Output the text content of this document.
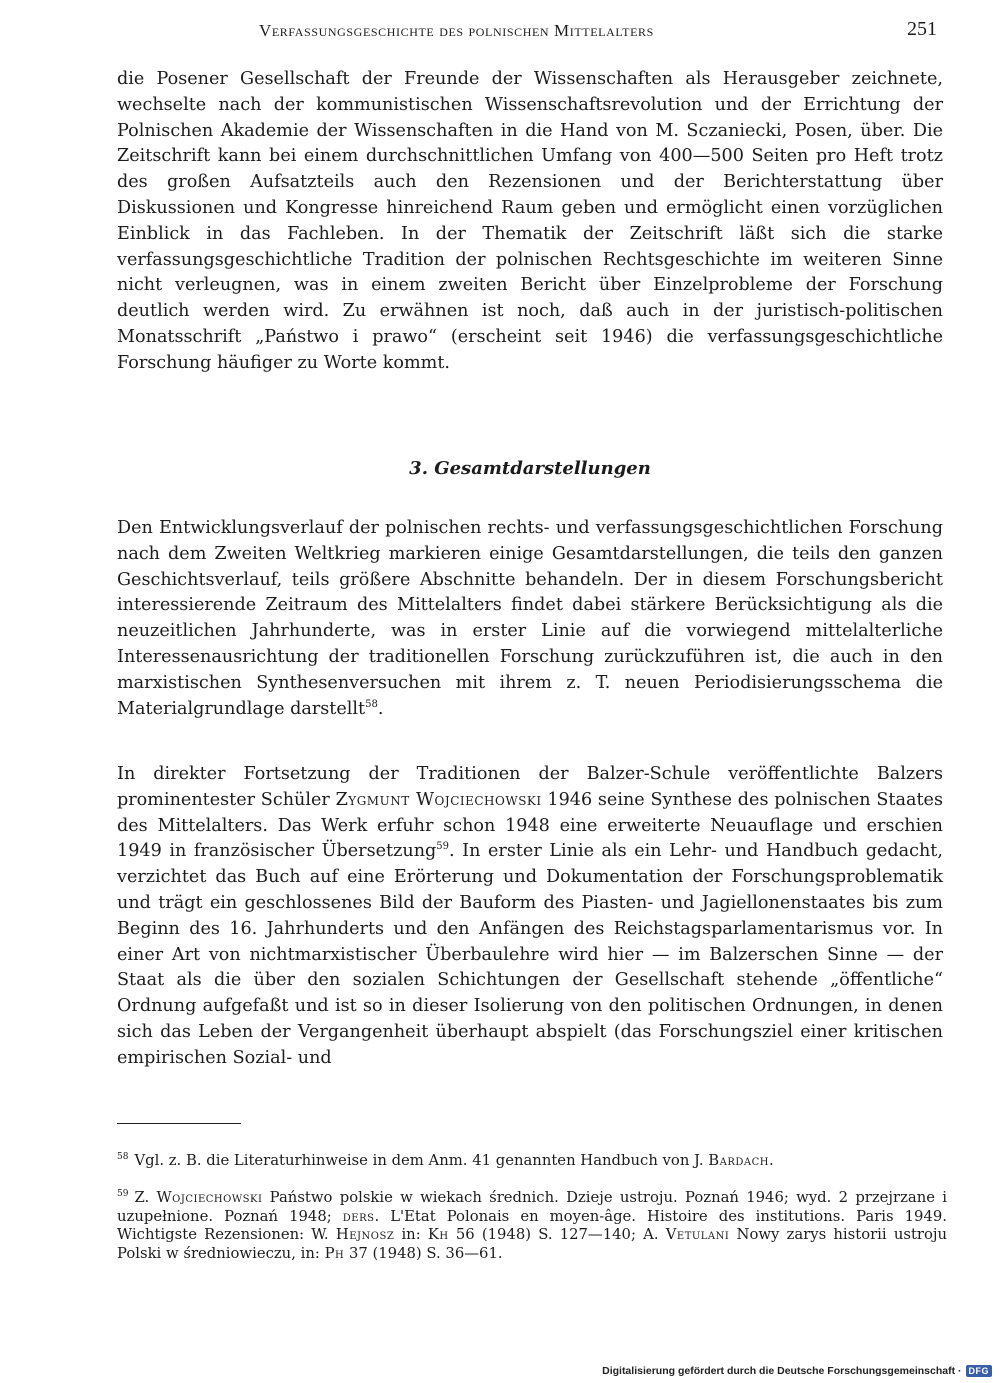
Verfassungsgeschichte des polnischen Mittelalters	251

die Posener Gesellschaft der Freunde der Wissenschaften als Herausgeber zeichnete, wechselte nach der kommunistischen Wissenschaftsrevolution und der Errichtung der Polnischen Akademie der Wissenschaften in die Hand von M. Sczaniecki, Posen, über. Die Zeitschrift kann bei einem durchschnittlichen Umfang von 400—500 Seiten pro Heft trotz des großen Aufsatzteils auch den Rezensionen und der Berichterstattung über Diskussionen und Kongresse hinreichend Raum geben und ermöglicht einen vorzüglichen Einblick in das Fachleben. In der Thematik der Zeitschrift läßt sich die starke verfassungsgeschichtliche Tradition der polnischen Rechtsgeschichte im weiteren Sinne nicht verleugnen, was in einem zweiten Bericht über Einzelprobleme der Forschung deutlich werden wird. Zu erwähnen ist noch, daß auch in der juristisch-politischen Monatsschrift „Państwo i prawo“ (erscheint seit 1946) die verfassungsgeschichtliche Forschung häufiger zu Worte kommt.

3. Gesamtdarstellungen

Den Entwicklungsverlauf der polnischen rechts- und verfassungsgeschichtlichen Forschung nach dem Zweiten Weltkrieg markieren einige Gesamtdarstellungen, die teils den ganzen Geschichtsverlauf, teils größere Abschnitte behandeln. Der in diesem Forschungsbericht interessierende Zeitraum des Mittelalters findet dabei stärkere Berücksichtigung als die neuzeitlichen Jahrhunderte, was in erster Linie auf die vorwiegend mittelalterliche Interessenausrichtung der traditionellen Forschung zurückzuführen ist, die auch in den marxistischen Synthesenversuchen mit ihrem z. T. neuen Periodisierungsschema die Materialgrundlage darstellt$^{58}$.

In direkter Fortsetzung der Traditionen der Balzer-Schule veröffentlichte Balzers prominentester Schüler Zygmunt Wojciechowski 1946 seine Synthese des polnischen Staates des Mittelalters. Das Werk erfuhr schon 1948 eine erweiterte Neuauflage und erschien 1949 in französischer Übersetzung$^{59}$. In erster Linie als ein Lehr- und Handbuch gedacht, verzichtet das Buch auf eine Erörterung und Dokumentation der Forschungsproblematik und trägt ein geschlossenes Bild der Bauform des Piasten- und Jagiellonenstaates bis zum Beginn des 16. Jahrhunderts und den Anfängen des Reichstagsparlamentarismus vor. In einer Art von nichtmarxistischer Überbaulehre wird hier — im Balzerschen Sinne — der Staat als die über den sozialen Schichtungen der Gesellschaft stehende „öffentliche“ Ordnung aufgefaßt und ist so in dieser Isolierung von den politischen Ordnungen, in denen sich das Leben der Vergangenheit überhaupt abspielt (das Forschungsziel einer kritischen empirischen Sozial- und

$^{58}$ Vgl. z. B. die Literaturhinweise in dem Anm. 41 genannten Handbuch von J. Bardach.

$^{59}$ Z. Wojciechowski Państwo polskie w wiekach średnich. Dzieje ustroju. Poznań 1946; wyd. 2 przejrzane i uzupełnione. Poznań 1948; ders. L'Etat Polonais en moyen-âge. Histoire des institutions. Paris 1949. Wichtigste Rezensionen: W. Hejnosz in: Kh 56 (1948) S. 127—140; A. Vetulani Nowy zarys historii ustroju Polski w średniowieczu, in: Ph 37 (1948) S. 36—61.

Digitalisierung gefördert durch die Deutsche Forschungsgemeinschaft · DFG
